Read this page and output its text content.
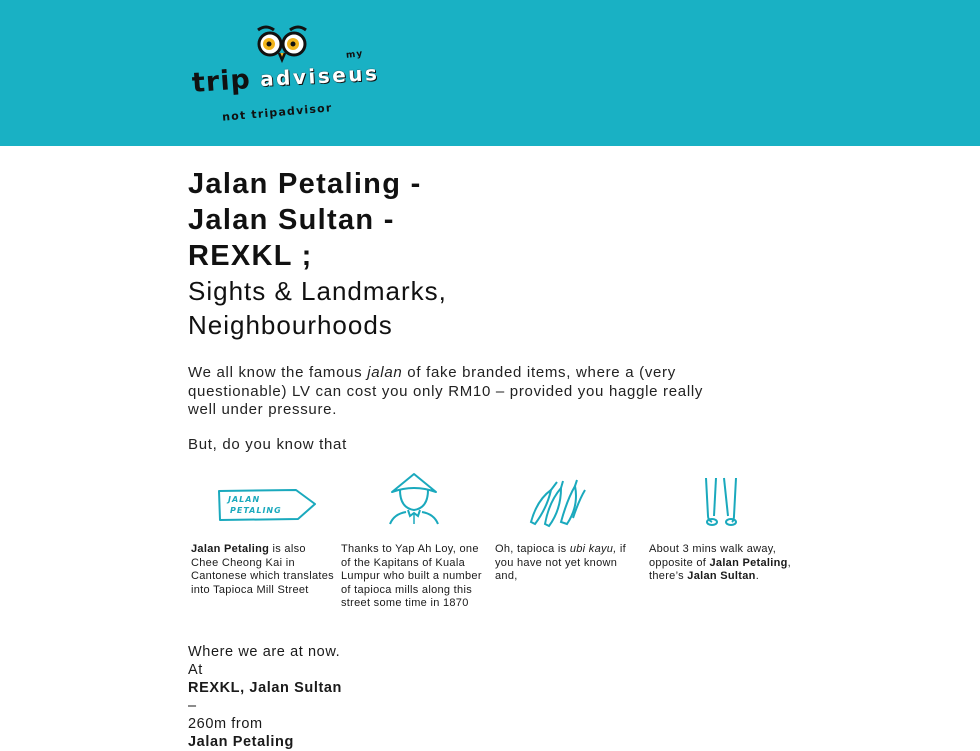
my
trip adviseus
not tripadvisor
Jalan Petaling -
Jalan Sultan -
REXKL ;
Sights & Landmarks,
Neighbourhoods

We all know the famous jalan of fake branded items, where a (very questionable) LV can cost you only RM10 – provided you haggle really well under pressure.

But, do you know that

JALAN
PETALING

Jalan Petaling is also Chee Cheong Kai in Cantonese which translates into Tapioca Mill Street

Thanks to Yap Ah Loy, one of the Kapitans of Kuala Lumpur who built a number of tapioca mills along this street some time in 1870

Oh, tapioca is ubi kayu, if you have not yet known and,

About 3 mins walk away, opposite of Jalan Petaling, there’s Jalan Sultan.

Where we are at now.
At
REXKL, Jalan Sultan
–
260m from
Jalan Petaling
